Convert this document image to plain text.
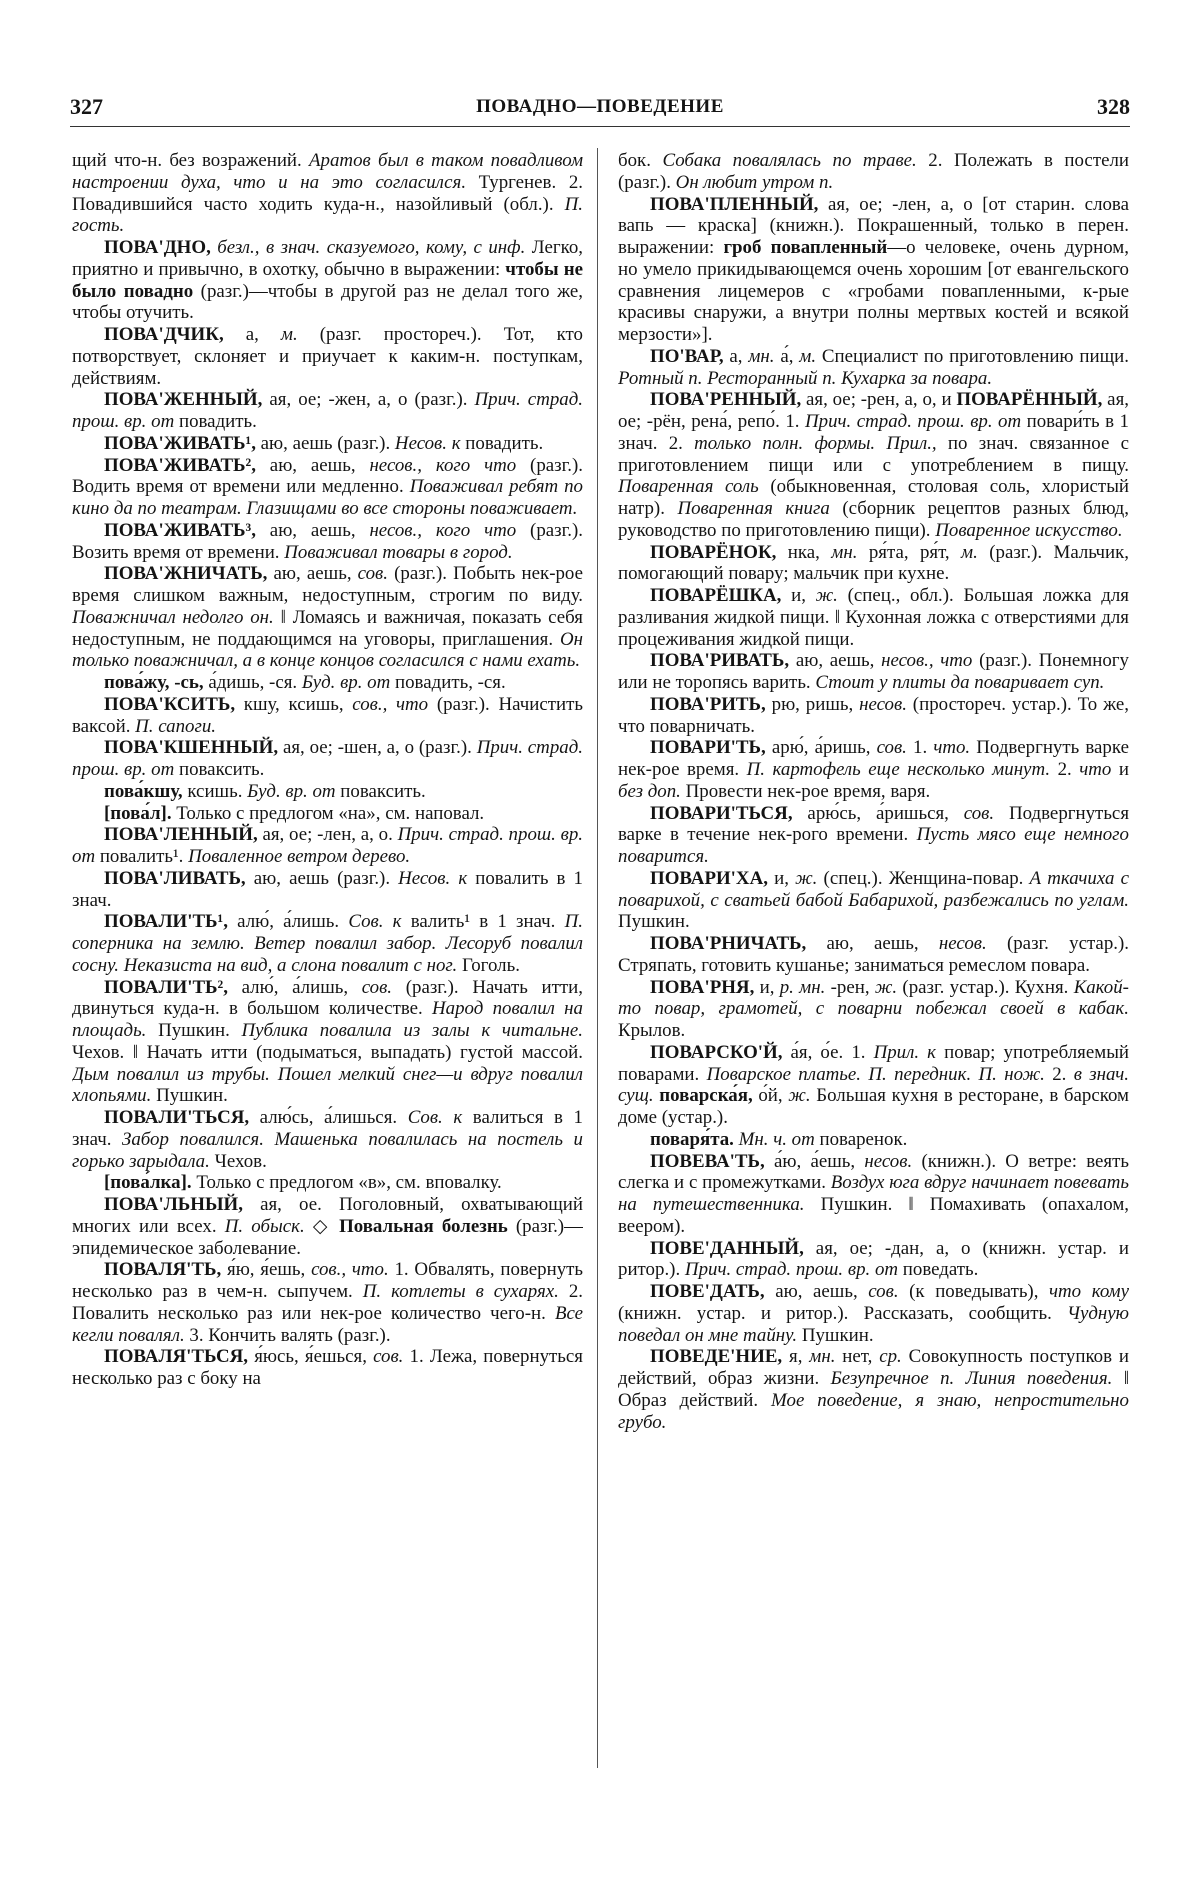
327	ПОВАДНО—ПОВЕДЕНИЕ	328

щий что-н. без возражений. Аратов был в таком повадливом настроении духа, что и на это согласился. Тургенев. 2. Повадившийся часто ходить куда-н., назойливый (обл.). П. гость.

ПОВА'ДНО, безл., в знач. сказуемого, кому, с инф. Легко, приятно и привычно, в охотку, обычно в выражении: чтобы не было повадно (разг.)—чтобы в другой раз не делал того же, чтобы отучить.

ПОВА'ДЧИК, а, м. (разг. простореч.). Тот, кто потворствует, склоняет и приучает к каким-н. поступкам, действиям.

ПОВА'ЖЕННЫЙ, ая, ое; -жен, а, о (разг.). Прич. страд. прош. вр. от повадить.

ПОВА'ЖИВАТЬ¹, аю, аешь (разг.). Несов. к повадить.

ПОВА'ЖИВАТЬ², аю, аешь, несов., кого что (разг.). Водить время от времени или медленно. Поваживал ребят по кино да по театрам. Глазищами во все стороны поваживает.

ПОВА'ЖИВАТЬ³, аю, аешь, несов., кого что (разг.). Возить время от времени. Поваживал товары в город.

ПОВА'ЖНИЧАТЬ, аю, аешь, сов. (разг.). Побыть нек-рое время слишком важным, недоступным, строгим по виду. Поважничал недолго он. ‖ Ломаясь и важничая, показать себя недоступным, не поддающимся на уговоры, приглашения. Он только поважничал, а в конце концов согласился с нами ехать.

пова́жу, -сь, а́дишь, -ся. Буд. вр. от повадить, -ся.

ПОВА'КСИТЬ, кшу, ксишь, сов., что (разг.). Начистить ваксой. П. сапоги.

ПОВА'КШЕННЫЙ, ая, ое; -шен, а, о (разг.). Прич. страд. прош. вр. от поваксить.

пова́кшу, ксишь. Буд. вр. от поваксить.

[пова́л]. Только с предлогом «на», см. наповал.

ПОВА'ЛЕННЫЙ, ая, ое; -лен, а, о. Прич. страд. прош. вр. от повалить¹. Поваленное ветром дерево.

ПОВА'ЛИВАТЬ, аю, аешь (разг.). Несов. к повалить в 1 знач.

ПОВАЛИ'ТЬ¹, алю́, а́лишь. Сов. к валить¹ в 1 знач. П. соперника на землю. Ветер повалил забор. Лесоруб повалил сосну. Неказиста на вид, а слона повалит с ног. Гоголь.

ПОВАЛИ'ТЬ², алю́, а́лишь, сов. (разг.). Начать итти, двинуться куда-н. в большом количестве. Народ повалил на площадь. Пушкин. Публика повалила из залы к читальне. Чехов. ‖ Начать итти (подыматься, выпадать) густой массой. Дым повалил из трубы. Пошел мелкий снег—и вдруг повалил хлопьями. Пушкин.

ПОВАЛИ'ТЬСЯ, алю́сь, а́лишься. Сов. к валиться в 1 знач. Забор повалился. Машенька повалилась на постель и горько зарыдала. Чехов.

[пова́лка]. Только с предлогом «в», см. вповалку.

ПОВА'ЛЬНЫЙ, ая, ое. Поголовный, охватывающий многих или всех. П. обыск. ◇ Повальная болезнь (разг.)—эпидемическое заболевание.

ПОВАЛЯ'ТЬ, я́ю, я́ешь, сов., что. 1. Обвалять, повернуть несколько раз в чем-н. сыпучем. П. котлеты в сухарях. 2. Повалить несколько раз или нек-рое количество чего-н. Все кегли повалял. 3. Кончить валять (разг.).

ПОВАЛЯ'ТЬСЯ, я́юсь, я́ешься, сов. 1. Лежа, повернуться несколько раз с боку на

бок. Собака повалялась по траве. 2. Полежать в постели (разг.). Он любит утром п.

ПОВА'ПЛЕННЫЙ, ая, ое; -лен, а, о [от старин. слова вапь — краска] (книжн.). Покрашенный, только в перен. выражении: гроб повапленный—о человеке, очень дурном, но умело прикидывающемся очень хорошим [от евангельского сравнения лицемеров с «гробами повапленными, к-рые красивы снаружи, а внутри полны мертвых костей и всякой мерзости»].

ПО'ВАР, а, мн. а́, м. Специалист по приготовлению пищи. Ротный п. Ресторанный п. Кухарка за повара.

ПОВА'РЕННЫЙ, ая, ое; -рен, а, о, и ПОВАРЁННЫЙ, ая, ое; -рён, рена́, репо́. 1. Прич. страд. прош. вр. от повари́ть в 1 знач. 2. только полн. формы. Прил., по знач. связанное с приготовлением пищи или с употреблением в пищу. Поваренная соль (обыкновенная, столовая соль, хлористый натр). Поваренная книга (сборник рецептов разных блюд, руководство по приготовлению пищи). Поваренное искусство.

ПОВАРЁНОК, нка, мн. ря́та, ря́т, м. (разг.). Мальчик, помогающий повару; мальчик при кухне.

ПОВАРЁШКА, и, ж. (спец., обл.). Большая ложка для разливания жидкой пищи. ‖ Кухонная ложка с отверстиями для процеживания жидкой пищи.

ПОВА'РИВАТЬ, аю, аешь, несов., что (разг.). Понемногу или не торопясь варить. Стоит у плиты да поваривает суп.

ПОВА'РИТЬ, рю, ришь, несов. (простореч. устар.). То же, что поварничать.

ПОВАРИ'ТЬ, арю́, а́ришь, сов. 1. что. Подвергнуть варке нек-рое время. П. картофель еще несколько минут. 2. что и без доп. Провести нек-рое время, варя.

ПОВАРИ'ТЬСЯ, арю́сь, а́ришься, сов. Подвергнуться варке в течение нек-рого времени. Пусть мясо еще немного поварится.

ПОВАРИ'ХА, и, ж. (спец.). Женщина-повар. А ткачиха с поварихой, с сватьей бабой Бабарихой, разбежались по углам. Пушкин.

ПОВА'РНИЧАТЬ, аю, аешь, несов. (разг. устар.). Стряпать, готовить кушанье; заниматься ремеслом повара.

ПОВА'РНЯ, и, р. мн. -рен, ж. (разг. устар.). Кухня. Какой-то повар, грамотей, с поварни побежал своей в кабак. Крылов.

ПОВАРСКО'Й, а́я, о́е. 1. Прил. к повар; употребляемый поварами. Поварское платье. П. передник. П. нож. 2. в знач. сущ. поварска́я, о́й, ж. Большая кухня в ресторане, в барском доме (устар.).

поваря́та. Мн. ч. от поваренок.

ПОВЕВА'ТЬ, а́ю, а́ешь, несов. (книжн.). О ветре: веять слегка и с промежутками. Воздух юга вдруг начинает повевать на путешественника. Пушкин. ‖ Помахивать (опахалом, веером).

ПОВЕ'ДАННЫЙ, ая, ое; -дан, а, о (книжн. устар. и ритор.). Прич. страд. прош. вр. от поведать.

ПОВЕ'ДАТЬ, аю, аешь, сов. (к поведывать), что кому (книжн. устар. и ритор.). Рассказать, сообщить. Чудную поведал он мне тайну. Пушкин.

ПОВЕДЕ'НИЕ, я, мн. нет, ср. Совокупность поступков и действий, образ жизни. Безупречное п. Линия поведения. ‖ Образ действий. Мое поведение, я знаю, непростительно грубо.
